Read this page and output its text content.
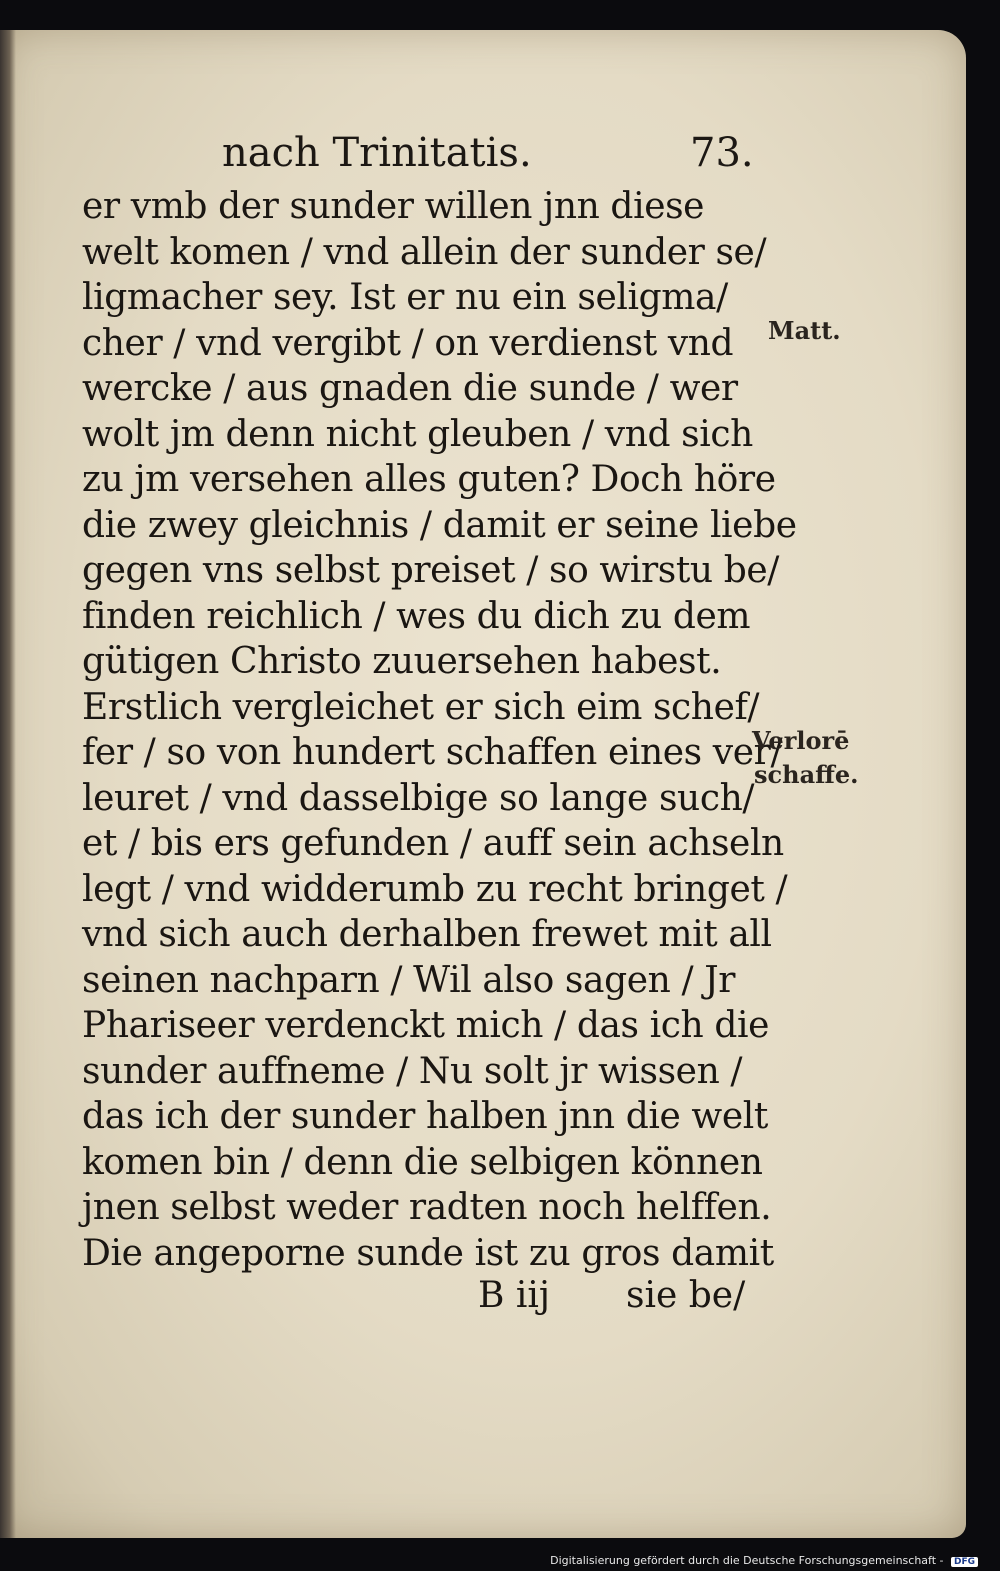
nach Trinitatis.	73.
er vmb der sunder willen jnn diese
welt komen / vnd allein der sunder se/
ligmacher sey. Ist er nu ein seligma/
cher / vnd vergibt / on verdienst vnd
wercke / aus gnaden die sunde / wer
wolt jm denn nicht gleuben / vnd sich
zu jm versehen alles guten? Doch höre
die zwey gleichnis / damit er seine liebe
gegen vns selbst preiset / so wirstu be/
finden reichlich / wes du dich zu dem
gütigen Christo zuuersehen habest.
Erstlich vergleichet er sich eim schef/
fer / so von hundert schaffen eines ver/
leuret / vnd dasselbige so lange such/
et / bis ers gefunden / auff sein achseln
legt / vnd widderumb zu recht bringet /
vnd sich auch derhalben frewet mit all
seinen nachparn / Wil also sagen / Jr
Phariseer verdenckt mich / das ich die
sunder auffneme / Nu solt jr wissen /
das ich der sunder halben jnn die welt
komen bin / denn die selbigen können
jnen selbst weder radten noch helffen.
Die angeporne sunde ist zu gros damit
Matt.
Verlorē
schaffe.
B iij sie be/
Digitalisierung gefördert durch die Deutsche Forschungsgemeinschaft - DFG
